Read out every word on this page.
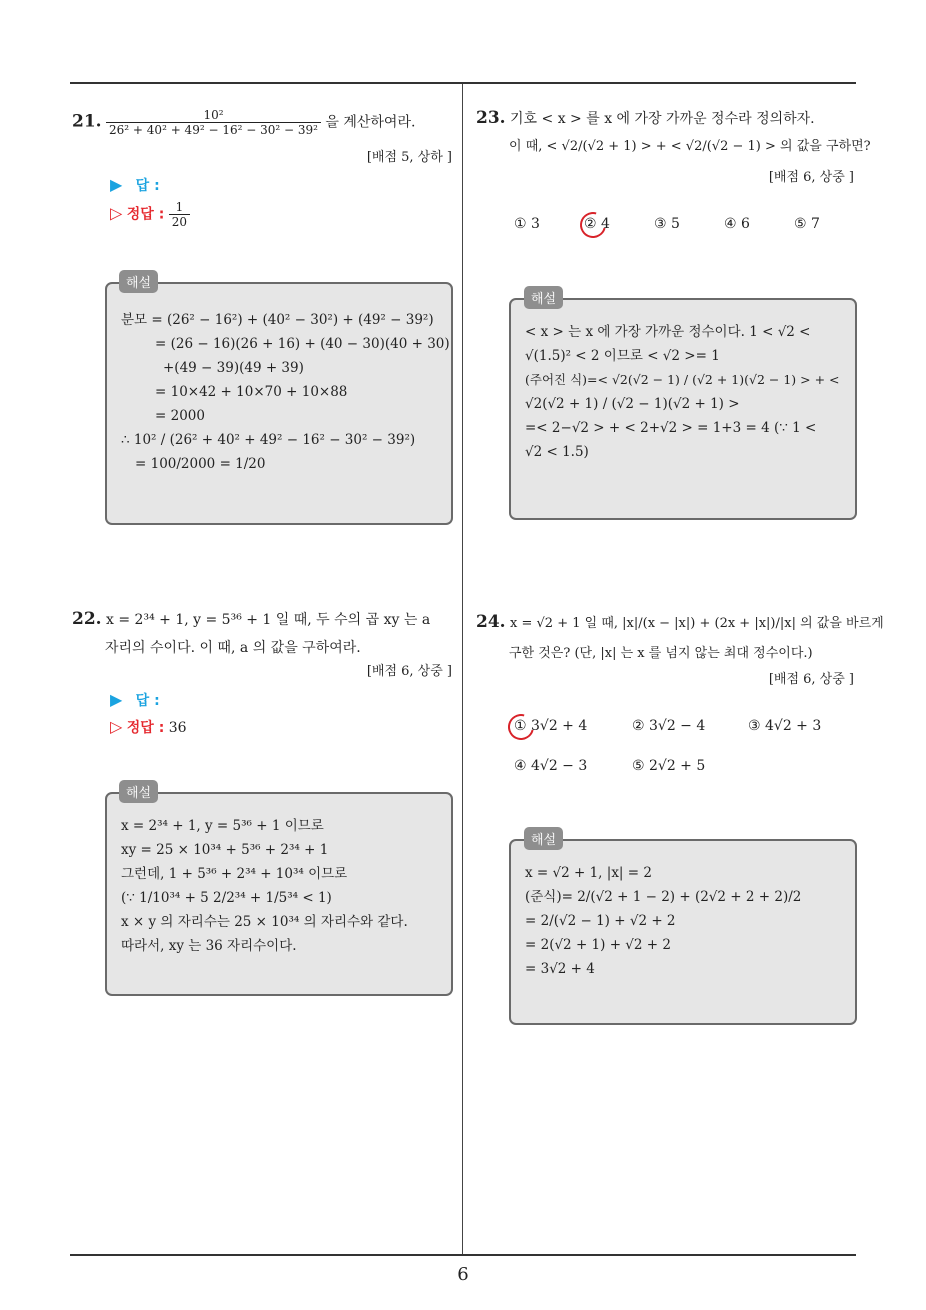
6
21. $\frac{\text{10²}}{\text{26² + 40² + 49² − 16² − 30² − 39²}}$ 을 계산하여라.
[배점 5, 상하 ]
▶ 답 :
▷ 정답 : $\frac{1}{20}$

분모 = (26² − 16²) + (40² − 30²) + (49² − 39²)

= (26 − 16)(26 + 16) + (40 − 30)(40 + 30)

+(49 − 39)(49 + 39)

= 10×42 + 10×70 + 10×88

= 2000

∴ 10² / (26² + 40² + 49² − 16² − 30² − 39²)

= 100/2000 = 1/20

해설
22. x = 2³⁴ + 1, y = 5³⁶ + 1 일 때, 두 수의 곱 xy 는 a
자리의 수이다. 이 때, a 의 값을 구하여라.
[배점 6, 상중 ]
▶ 답 :
▷ 정답 : 36

x = 2³⁴ + 1, y = 5³⁶ + 1 이므로

xy = 25 × 10³⁴ + 5³⁶ + 2³⁴ + 1

그런데, 1 + 5³⁶ + 2³⁴ + 10³⁴ 이므로

(∵ 1/10³⁴ + 5 2/2³⁴ + 1/5³⁴ < 1)

x × y 의 자리수는 25 × 10³⁴ 의 자리수와 같다.

따라서, xy 는 36 자리수이다.

해설
23. 기호 < x > 를 x 에 가장 가까운 정수라 정의하자.
이 때, < √2/(√2 + 1) > + < √2/(√2 − 1) > 의 값을 구하면?
[배점 6, 상중 ]
① 3	② 4	③ 5	④ 6	⑤ 7

< x > 는 x 에 가장 가까운 정수이다. 1 < √2 <

√(1.5)² < 2 이므로 < √2 >= 1

(주어진 식)=< √2(√2 − 1) / (√2 + 1)(√2 − 1) > + <

√2(√2 + 1) / (√2 − 1)(√2 + 1) >

=< 2−√2 > + < 2+√2 > = 1+3 = 4 (∵ 1 <

√2 < 1.5)

해설
24. x = √2 + 1 일 때, |x|/(x − |x|) + (2x + |x|)/|x| 의 값을 바르게
구한 것은? (단, |x| 는 x 를 넘지 않는 최대 정수이다.)
[배점 6, 상중 ]
① 3√2 + 4	② 3√2 − 4	③ 4√2 + 3
④ 4√2 − 3	⑤ 2√2 + 5

x = √2 + 1, |x| = 2

(준식)= 2/(√2 + 1 − 2) + (2√2 + 2 + 2)/2

= 2/(√2 − 1) + √2 + 2

= 2(√2 + 1) + √2 + 2

= 3√2 + 4

해설
